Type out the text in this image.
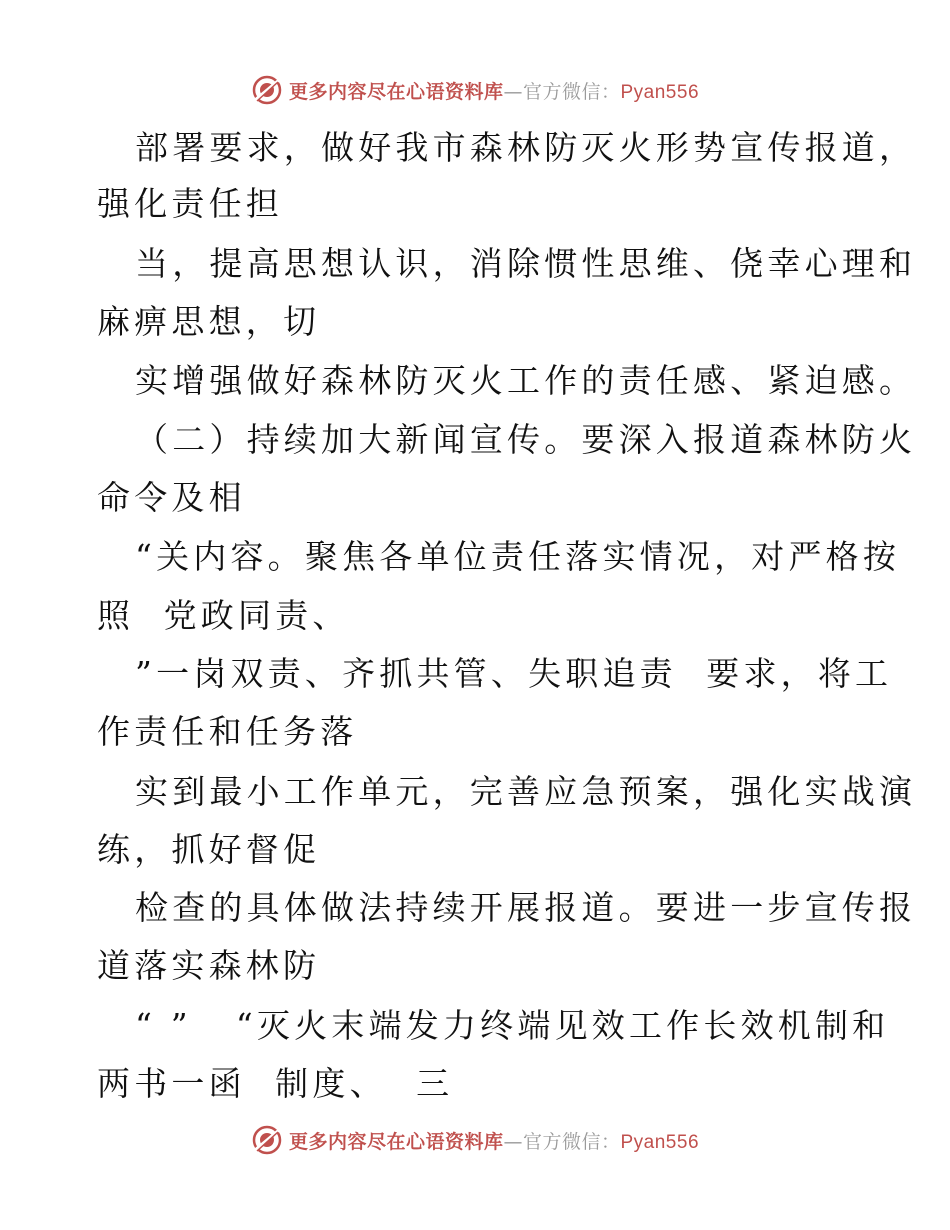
更多内容尽在心语资料库—官方微信：Pyan556
部署要求，做好我市森林防灭火形势宣传报道，
强化责任担
当，提高思想认识，消除惯性思维、侥幸心理和
麻痹思想，切
实增强做好森林防灭火工作的责任感、紧迫感。
（二）持续加大新闻宣传。要深入报道森林防火
命令及相
“关内容。聚焦各单位责任落实情况，对严格按
照  党政同责、
”一岗双责、齐抓共管、失职追责  要求，将工
作责任和任务落
实到最小工作单元，完善应急预案，强化实战演
练，抓好督促
检查的具体做法持续开展报道。要进一步宣传报
道落实森林防
“ ”   “灭火末端发力终端见效工作长效机制和
两书一函  制度、  三
更多内容尽在心语资料库—官方微信：Pyan556
